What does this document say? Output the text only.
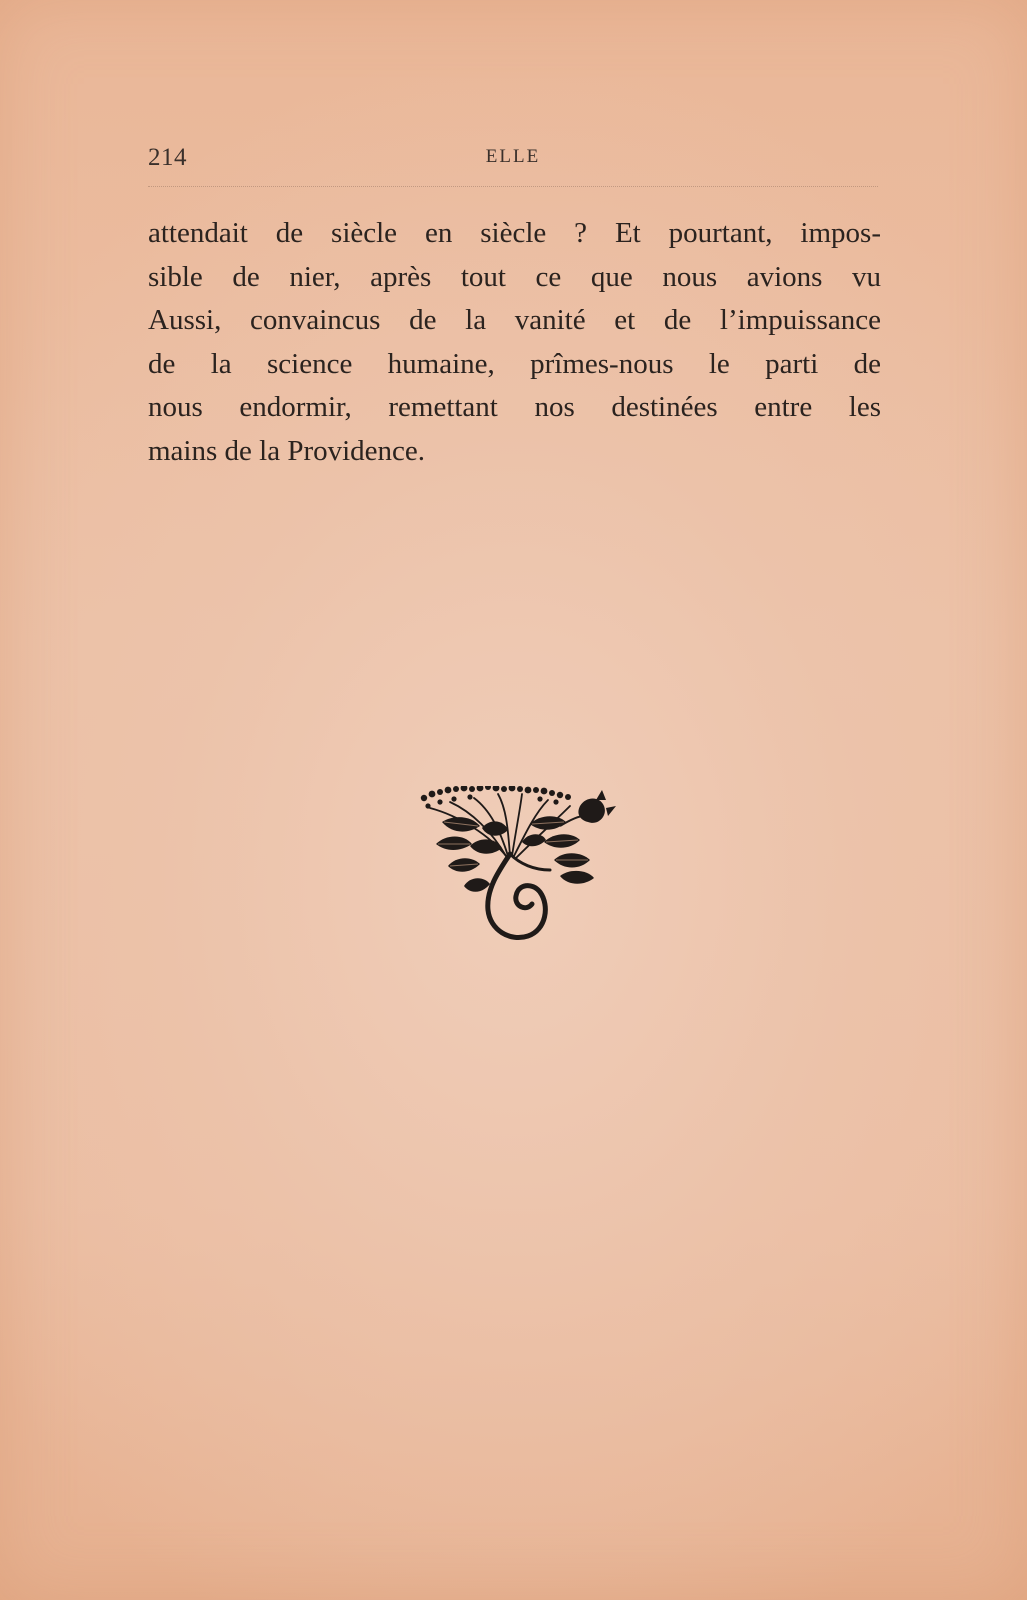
214	ELLE

attendait de siècle en siècle ? Et pourtant, impos-
sible de nier, après tout ce que nous avions vu
Aussi, convaincus de la vanité et de l’impuissance
de la science humaine, prîmes-nous le parti de
nous endormir, remettant nos destinées entre les
mains de la Providence.
